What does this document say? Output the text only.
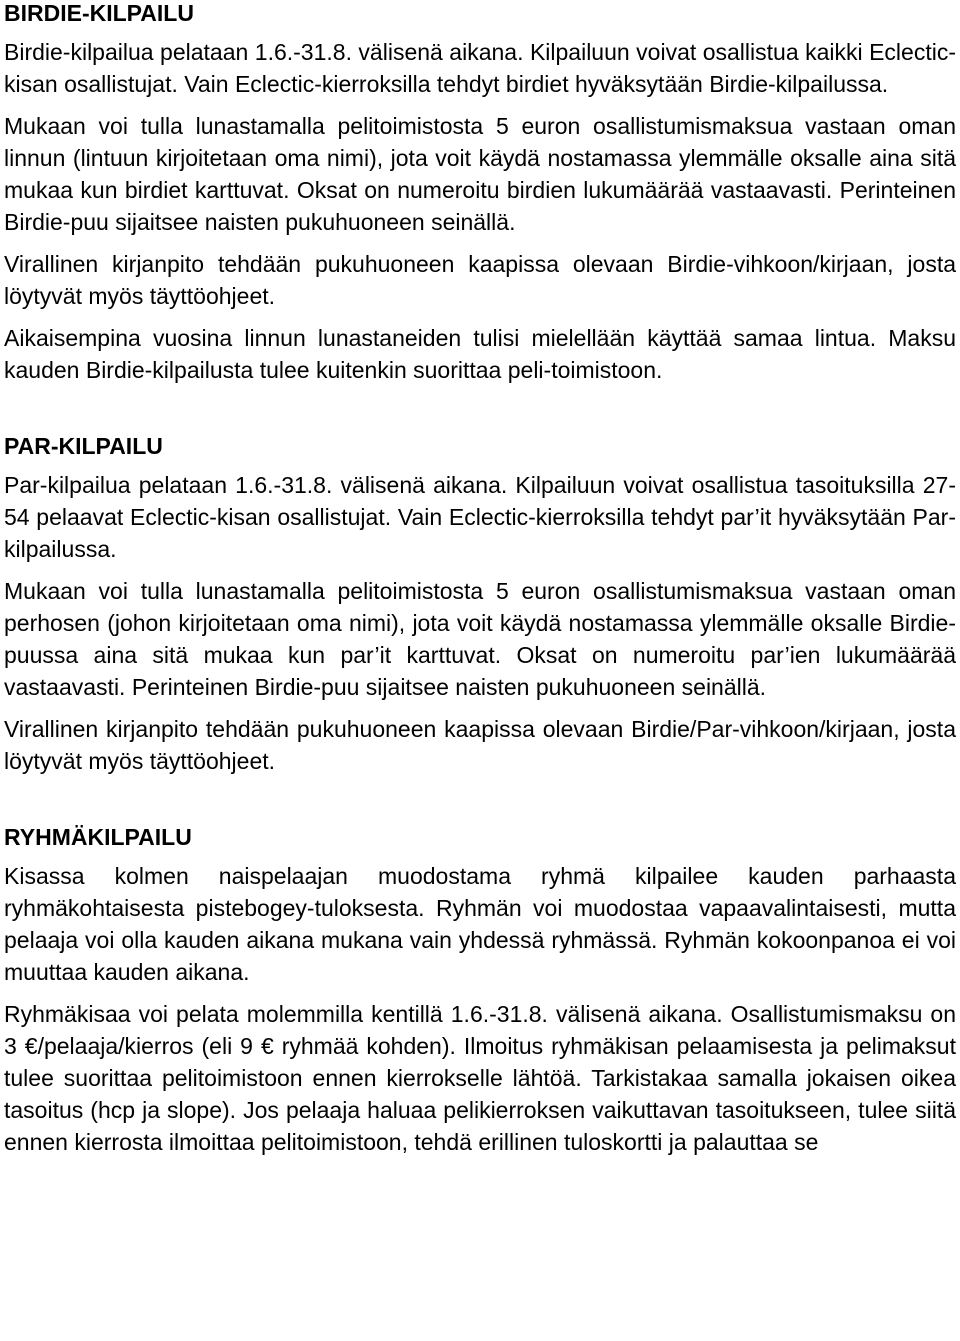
BIRDIE-KILPAILU

Birdie-kilpailua pelataan 1.6.-31.8. välisenä aikana. Kilpailuun voivat osallistua kaikki Eclectic-kisan osallistujat. Vain Eclectic-kierroksilla tehdyt birdiet hyväksytään Birdie-kilpailussa.

Mukaan voi tulla lunastamalla pelitoimistosta 5 euron osallistumismaksua vastaan oman linnun (lintuun kirjoitetaan oma nimi), jota voit käydä nostamassa ylemmälle oksalle aina sitä mukaa kun birdiet karttuvat. Oksat on numeroitu birdien lukumäärää vastaavasti. Perinteinen Birdie-puu sijaitsee naisten pukuhuoneen seinällä.

Virallinen kirjanpito tehdään pukuhuoneen kaapissa olevaan Birdie-vihkoon/kirjaan, josta löytyvät myös täyttöohjeet.

Aikaisempina vuosina linnun lunastaneiden tulisi mielellään käyttää samaa lintua. Maksu kauden Birdie-kilpailusta tulee kuitenkin suorittaa peli-toimistoon.

PAR-KILPAILU

Par-kilpailua pelataan 1.6.-31.8. välisenä aikana. Kilpailuun voivat osallistua tasoituksilla 27-54 pelaavat Eclectic-kisan osallistujat. Vain Eclectic-kierroksilla tehdyt par’it hyväksytään Par-kilpailussa.

Mukaan voi tulla lunastamalla pelitoimistosta 5 euron osallistumismaksua vastaan oman perhosen (johon kirjoitetaan oma nimi), jota voit käydä nostamassa ylemmälle oksalle Birdie-puussa aina sitä mukaa kun par’it karttuvat. Oksat on numeroitu par’ien lukumäärää vastaavasti. Perinteinen Birdie-puu sijaitsee naisten pukuhuoneen seinällä.

Virallinen kirjanpito tehdään pukuhuoneen kaapissa olevaan Birdie/Par-vihkoon/kirjaan, josta löytyvät myös täyttöohjeet.

RYHMÄKILPAILU

Kisassa kolmen naispelaajan muodostama ryhmä kilpailee kauden parhaasta ryhmäkohtaisesta pistebogey-tuloksesta. Ryhmän voi muodostaa vapaavalintaisesti, mutta pelaaja voi olla kauden aikana mukana vain yhdessä ryhmässä. Ryhmän kokoonpanoa ei voi muuttaa kauden aikana.

Ryhmäkisaa voi pelata molemmilla kentillä 1.6.-31.8. välisenä aikana. Osallistumismaksu on 3 €/pelaaja/kierros (eli 9 € ryhmää kohden). Ilmoitus ryhmäkisan pelaamisesta ja pelimaksut tulee suorittaa pelitoimistoon ennen kierrokselle lähtöä. Tarkistakaa samalla jokaisen oikea tasoitus (hcp ja slope). Jos pelaaja haluaa pelikierroksen vaikuttavan tasoitukseen, tulee siitä ennen kierrosta ilmoittaa pelitoimistoon, tehdä erillinen tuloskortti ja palauttaa se
